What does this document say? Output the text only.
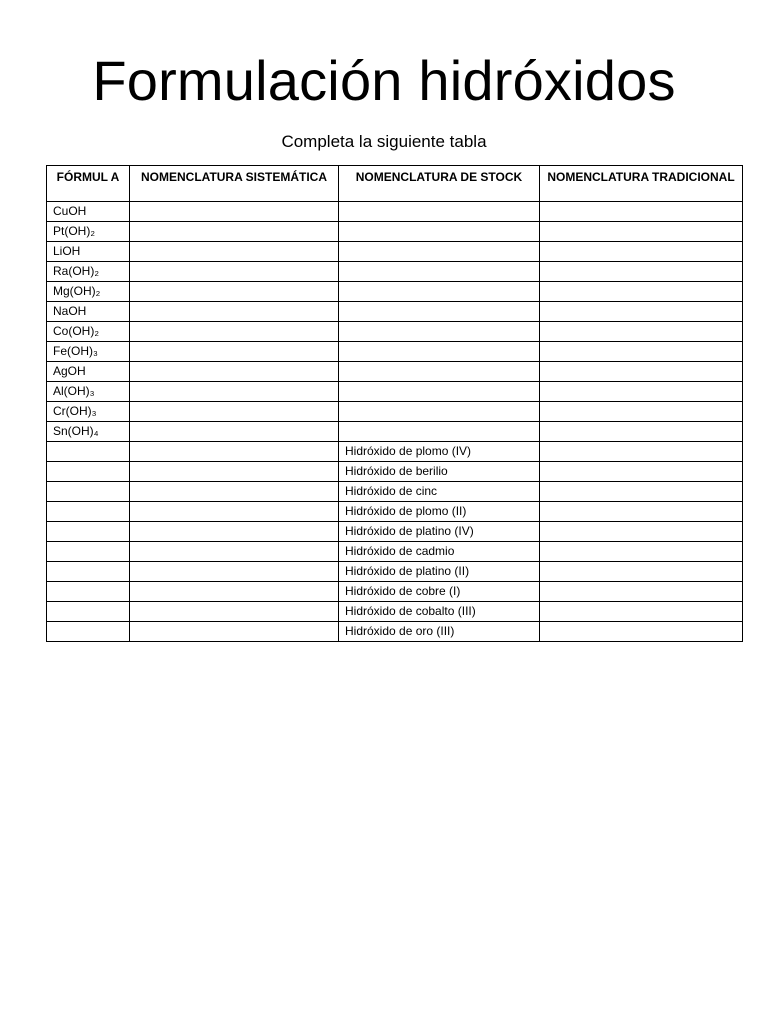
Formulación hidróxidos
Completa la siguiente tabla
FÓRMUL A	NOMENCLATURA SISTEMÁTICA	NOMENCLATURA DE STOCK	NOMENCLATURA TRADICIONAL
CuOH			
Pt(OH)₂			
LiOH			
Ra(OH)₂			
Mg(OH)₂			
NaOH			
Co(OH)₂			
Fe(OH)₃			
AgOH			
Al(OH)₃			
Cr(OH)₃			
Sn(OH)₄			
		Hidróxido de plomo (IV)	
		Hidróxido de berilio	
		Hidróxido de cinc	
		Hidróxido de plomo (II)	
		Hidróxido de platino (IV)	
		Hidróxido de cadmio	
		Hidróxido de platino (II)	
		Hidróxido de cobre (I)	
		Hidróxido de cobalto (III)	
		Hidróxido de oro (III)	
